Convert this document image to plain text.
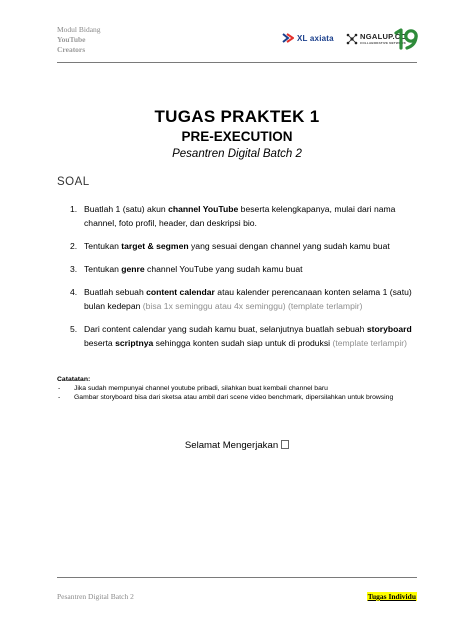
Modul Bidang
YouTube
Creators
XL axiata	NGALUP.CO
COLLABORATIVE NETWORK
TUGAS PRAKTEK 1
PRE-EXECUTION
Pesantren Digital Batch 2
SOAL
1. Buatlah 1 (satu) akun channel YouTube beserta kelengkapanya, mulai dari nama channel, foto profil, header, dan deskripsi bio.
2. Tentukan target & segmen yang sesuai dengan channel yang sudah kamu buat
3. Tentukan genre channel YouTube yang sudah kamu buat
4. Buatlah sebuah content calendar atau kalender perencanaan konten selama 1 (satu) bulan kedepan (bisa 1x seminggu atau 4x seminggu) (template terlampir)
5. Dari content calendar yang sudah kamu buat, selanjutnya buatlah sebuah storyboard beserta scriptnya sehingga konten sudah siap untuk di produksi (template terlampir)
Catatatan:
- Jika sudah mempunyai channel youtube pribadi, silahkan buat kembali channel baru
- Gambar storyboard bisa dari sketsa atau ambil dari scene video benchmark, dipersilahkan untuk browsing
Selamat Mengerjakan
Pesantren Digital Batch 2	Tugas Individu
